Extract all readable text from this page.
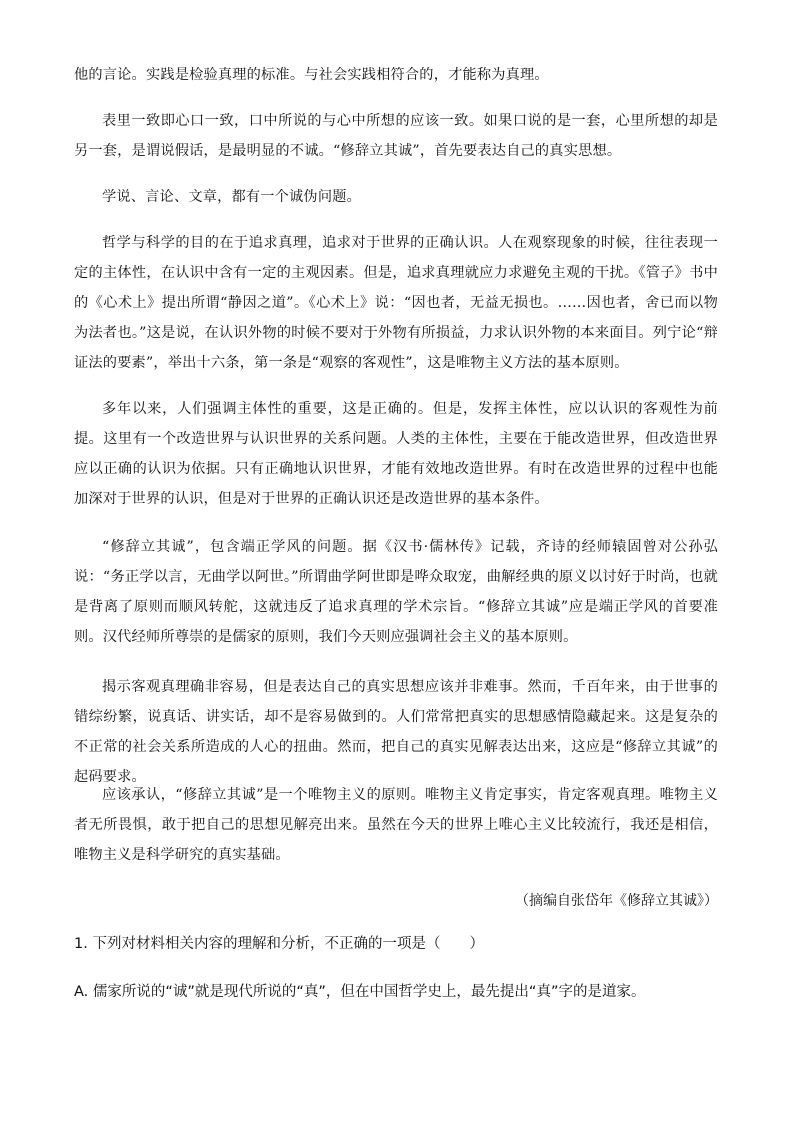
他的言论。实践是检验真理的标准。与社会实践相符合的，才能称为真理。
表里一致即心口一致，口中所说的与心中所想的应该一致。如果口说的是一套，心里所想的却是另一套，是谓说假话，是最明显的不诚。“修辞立其诚”，首先要表达自己的真实思想。
学说、言论、文章，都有一个诚伪问题。
哲学与科学的目的在于追求真理，追求对于世界的正确认识。人在观察现象的时候，往往表现一定的主体性，在认识中含有一定的主观因素。但是，追求真理就应力求避免主观的干扰。《管子》书中的《心术上》提出所谓“静因之道”。《心术上》说：“因也者，无益无损也。……因也者，舍已而以物为法者也。”这是说，在认识外物的时候不要对于外物有所损益，力求认识外物的本来面目。列宁论“辩证法的要素”，举出十六条，第一条是“观察的客观性”，这是唯物主义方法的基本原则。
多年以来，人们强调主体性的重要，这是正确的。但是，发挥主体性，应以认识的客观性为前提。这里有一个改造世界与认识世界的关系问题。人类的主体性，主要在于能改造世界，但改造世界应以正确的认识为依据。只有正确地认识世界，才能有效地改造世界。有时在改造世界的过程中也能加深对于世界的认识，但是对于世界的正确认识还是改造世界的基本条件。
“修辞立其诚”，包含端正学风的问题。据《汉书·儒林传》记载，齐诗的经师辕固曾对公孙弘说：“务正学以言，无曲学以阿世。”所谓曲学阿世即是哗众取宠，曲解经典的原义以讨好于时尚，也就是背离了原则而顺风转舵，这就违反了追求真理的学术宗旨。“修辞立其诚”应是端正学风的首要准则。汉代经师所尊崇的是儒家的原则，我们今天则应强调社会主义的基本原则。
揭示客观真理确非容易，但是表达自己的真实思想应该并非难事。然而，千百年来，由于世事的错综纷繁，说真话、讲实话，却不是容易做到的。人们常常把真实的思想感情隐藏起来。这是复杂的不正常的社会关系所造成的人心的扭曲。然而，把自己的真实见解表达出来，这应是“修辞立其诚”的起码要求。
应该承认，“修辞立其诚”是一个唯物主义的原则。唯物主义肯定事实，肯定客观真理。唯物主义者无所畏惧，敢于把自己的思想见解亮出来。虽然在今天的世界上唯心主义比较流行，我还是相信，唯物主义是科学研究的真实基础。
（摘编自张岱年《修辞立其诚》）
1. 下列对材料相关内容的理解和分析，不正确的一项是（　　）
A. 儒家所说的“诚”就是现代所说的“真”，但在中国哲学史上，最先提出“真”字的是道家。
